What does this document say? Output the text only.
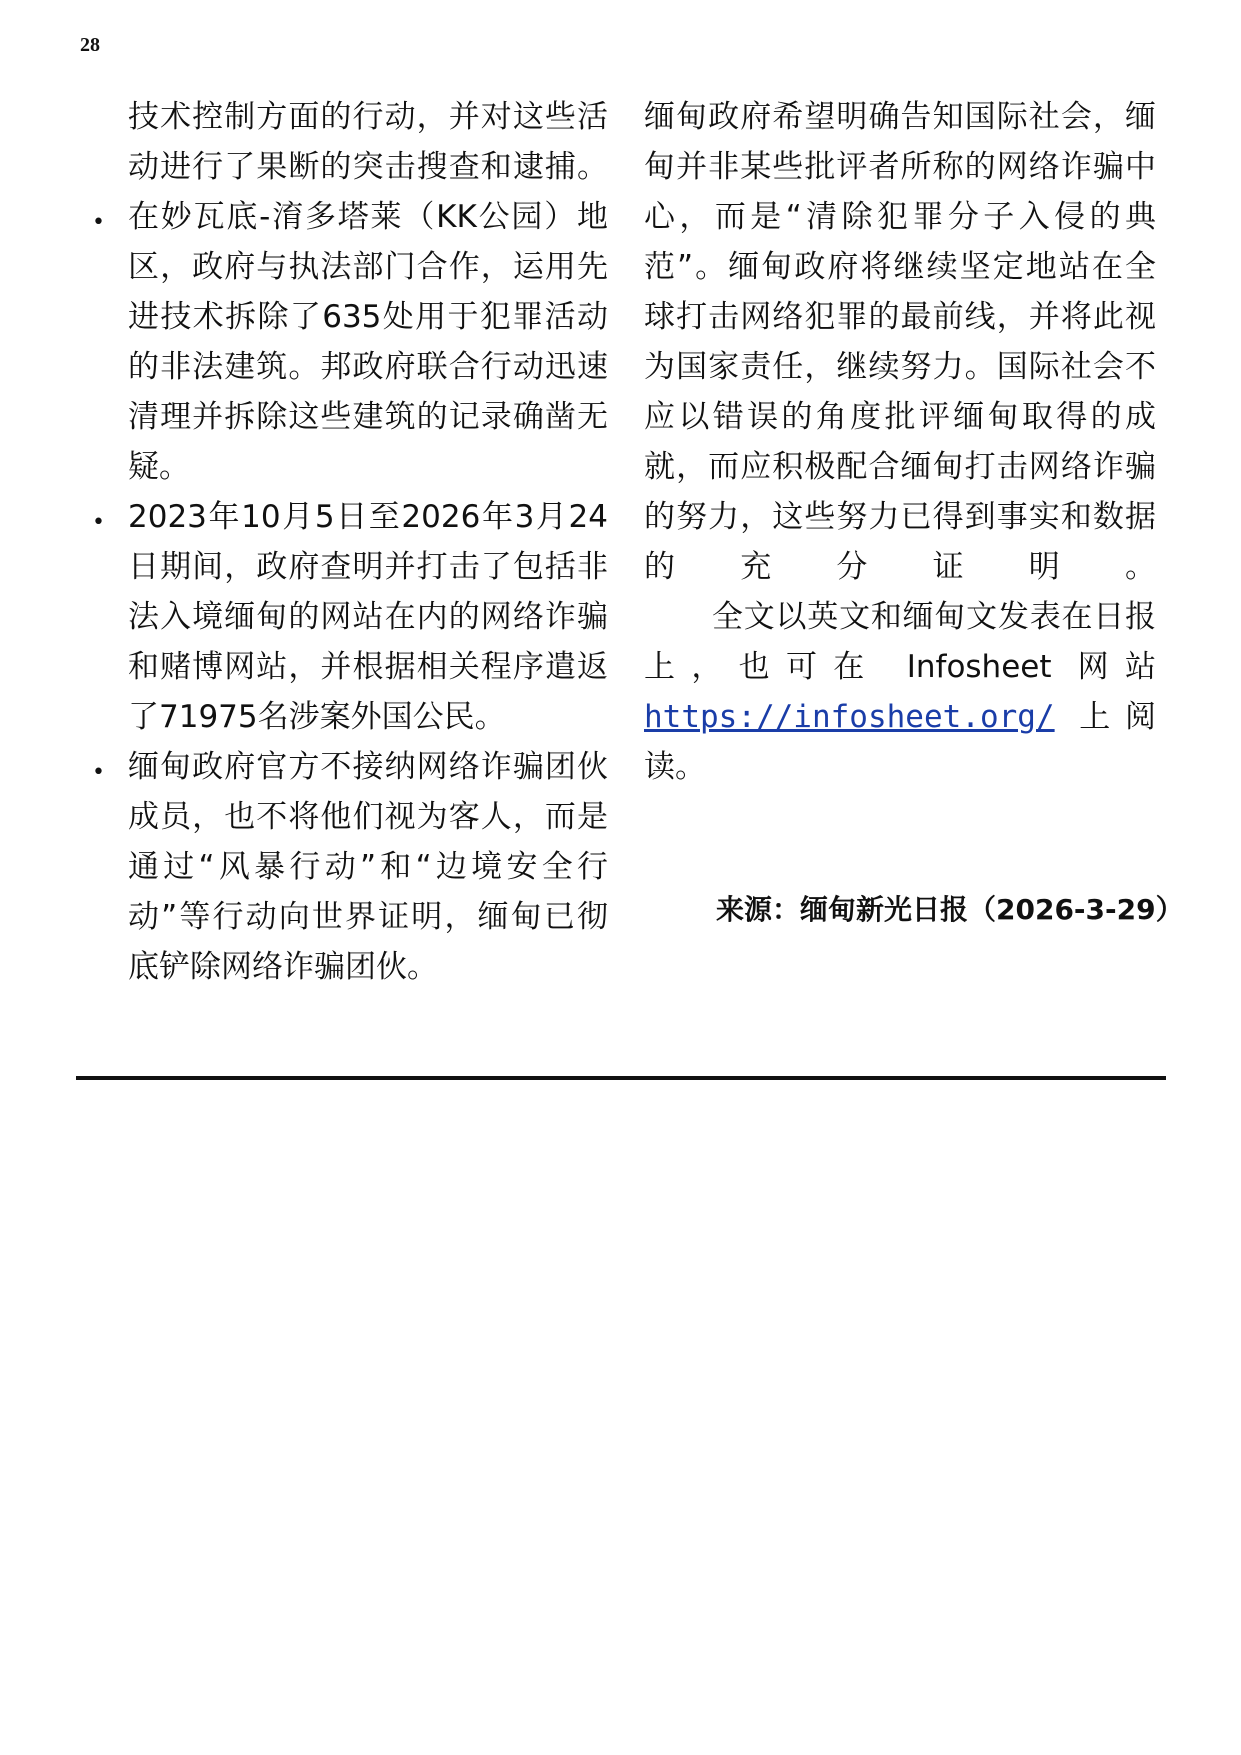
28

技术控制方面的行动，并对这些活动进行了果断的突击搜查和逮捕。

• 在妙瓦底-淯多塔莱（KK公园）地区，政府与执法部门合作，运用先进技术拆除了635处用于犯罪活动的非法建筑。邦政府联合行动迅速清理并拆除这些建筑的记录确凿无疑。
• 2023年10月5日至2026年3月24日期间，政府查明并打击了包括非法入境缅甸的网站在内的网络诈骗和赌博网站，并根据相关程序遣返了71975名涉案外国公民。
• 缅甸政府官方不接纳网络诈骗团伙成员，也不将他们视为客人，而是通过“风暴行动”和“边境安全行动”等行动向世界证明，缅甸已彻底铲除网络诈骗团伙。

缅甸政府希望明确告知国际社会，缅甸并非某些批评者所称的网络诈骗中心，而是“清除犯罪分子入侵的典范”。缅甸政府将继续坚定地站在全球打击网络犯罪的最前线，并将此视为国家责任，继续努力。国际社会不应以错误的角度批评缅甸取得的成就，而应积极配合缅甸打击网络诈骗的努力，这些努力已得到事实和数据的充分证明。

全文以英文和缅甸文发表在日报上，也可在 Infosheet 网站 https://infosheet.org/ 上阅读。

来源：缅甸新光日报（2026-3-29）
